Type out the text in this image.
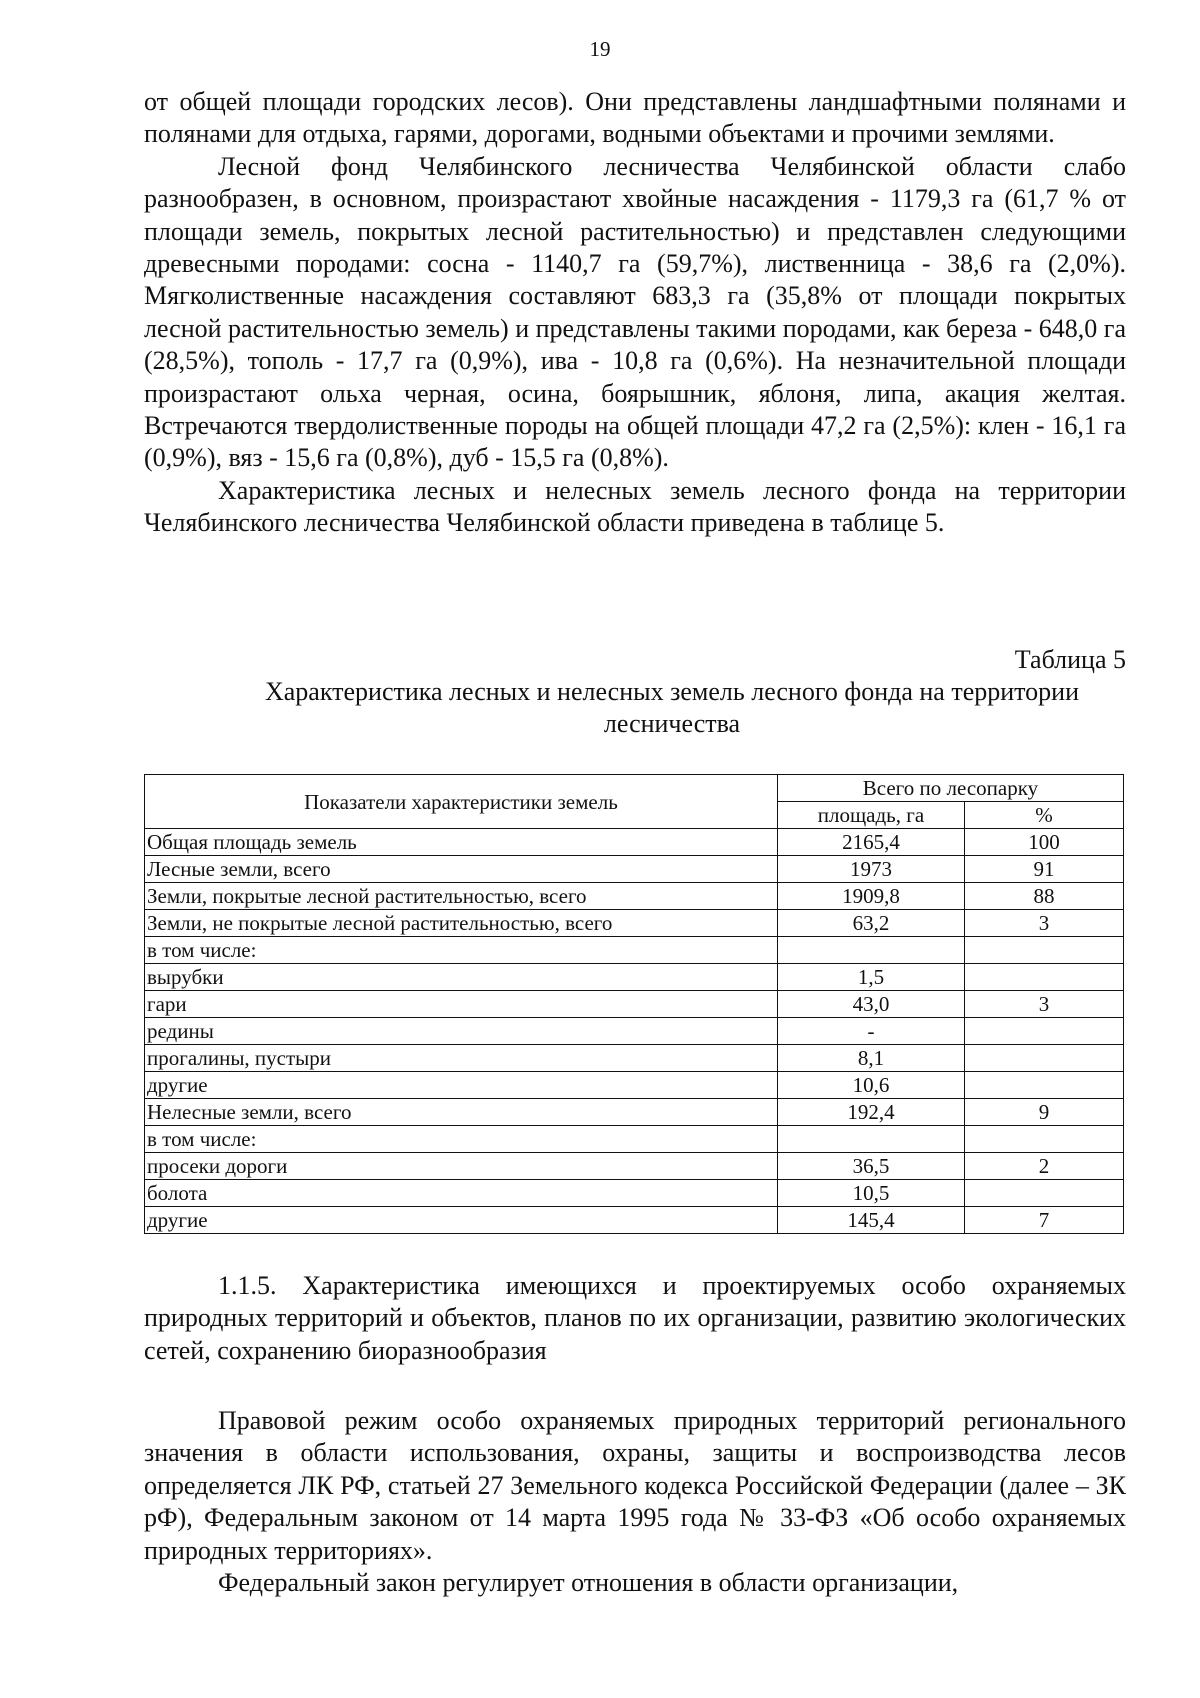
19

от общей площади городских лесов). Они представлены ландшафтными полянами и полянами для отдыха, гарями, дорогами, водными объектами и прочими землями.

Лесной фонд Челябинского лесничества Челябинской области слабо разнообразен, в основном, произрастают хвойные насаждения - 1179,3 га (61,7 % от площади земель, покрытых лесной растительностью) и представлен следующими древесными породами: сосна - 1140,7 га (59,7%), лиственница - 38,6 га (2,0%). Мягколиственные насаждения составляют 683,3 га (35,8% от площади покрытых лесной растительностью земель) и представлены такими породами, как береза - 648,0 га (28,5%), тополь - 17,7 га (0,9%), ива - 10,8 га (0,6%). На незначительной площади произрастают ольха черная, осина, боярышник, яблоня, липа, акация желтая. Встречаются твердолиственные породы на общей площади 47,2 га (2,5%): клен - 16,1 га (0,9%), вяз - 15,6 га (0,8%), дуб - 15,5 га (0,8%).

Характеристика лесных и нелесных земель лесного фонда на территории Челябинского лесничества Челябинской области приведена в таблице 5.

Таблица 5
Характеристика лесных и нелесных земель лесного фонда на территории лесничества
Показатели характеристики земель	Всего по лесопарку	
	площадь, га	%
Общая площадь земель	2165,4	100
Лесные земли, всего	1973	91
Земли, покрытые лесной растительностью, всего	1909,8	88
Земли, не покрытые лесной растительностью, всего	63,2	3
в том числе:		
вырубки	1,5	
гари	43,0	3
редины	-	
прогалины, пустыри	8,1	
другие	10,6	
Нелесные земли, всего	192,4	9
в том числе:		
просеки дороги	36,5	2
болота	10,5	
другие	145,4	7

1.1.5. Характеристика имеющихся и проектируемых особо охраняемых природных территорий и объектов, планов по их организации, развитию экологических сетей, сохранению биоразнообразия

Правовой режим особо охраняемых природных территорий регионального значения в области использования, охраны, защиты и воспроизводства лесов определяется ЛК РФ, статьей 27 Земельного кодекса Российской Федерации (далее – ЗК рФ), Федеральным законом от 14 марта 1995 года № 33-ФЗ «Об особо охраняемых природных территориях».

Федеральный закон регулирует отношения в области организации,
